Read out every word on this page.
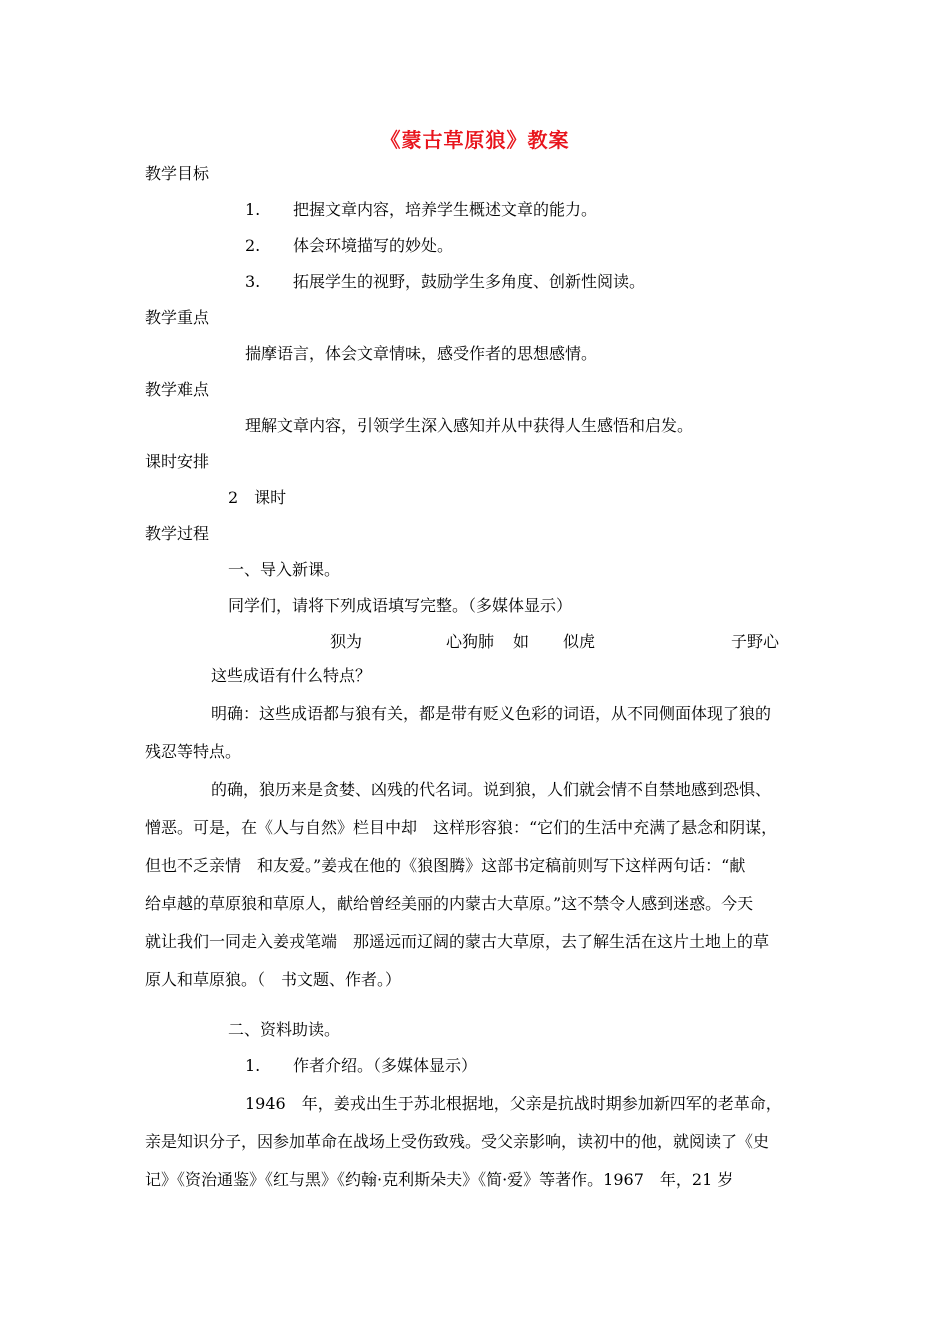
《蒙古草原狼》教案
教学目标
1. 把握文章内容，培养学生概述文章的能力。
2. 体会环境描写的妙处。
3. 拓展学生的视野，鼓励学生多角度、创新性阅读。
教学重点
揣摩语言，体会文章情味，感受作者的思想感情。
教学难点
理解文章内容，引领学生深入感知并从中获得人生感悟和启发。
课时安排
2　课时
教学过程
一、导入新课。
同学们，请将下列成语填写完整。（多媒体显示）
狈为	心狗肺 如 似虎	子野心
这些成语有什么特点？
明确：这些成语都与狼有关，都是带有贬义色彩的词语，从不同侧面体现了狼的
残忍等特点。
的确，狼历来是贪婪、凶残的代名词。说到狼，人们就会情不自禁地感到恐惧、
憎恶。可是，在《人与自然》栏目中却　这样形容狼：“它们的生活中充满了悬念和阴谋，
但也不乏亲情　和友爱。”姜戎在他的《狼图腾》这部书定稿前则写下这样两句话：“献
给卓越的草原狼和草原人，献给曾经美丽的内蒙古大草原。”这不禁令人感到迷惑。今天
就让我们一同走入姜戎笔端　那遥远而辽阔的蒙古大草原，去了解生活在这片土地上的草
原人和草原狼。（　书文题、作者。）
二、资料助读。
1. 作者介绍。（多媒体显示）
1946　年，姜戎出生于苏北根据地，父亲是抗战时期参加新四军的老革命，
亲是知识分子，因参加革命在战场上受伤致残。受父亲影响，读初中的他，就阅读了《史
记》《资治通鉴》《红与黑》《约翰·克利斯朵夫》《简·爱》等著作。1967　年，21 岁
